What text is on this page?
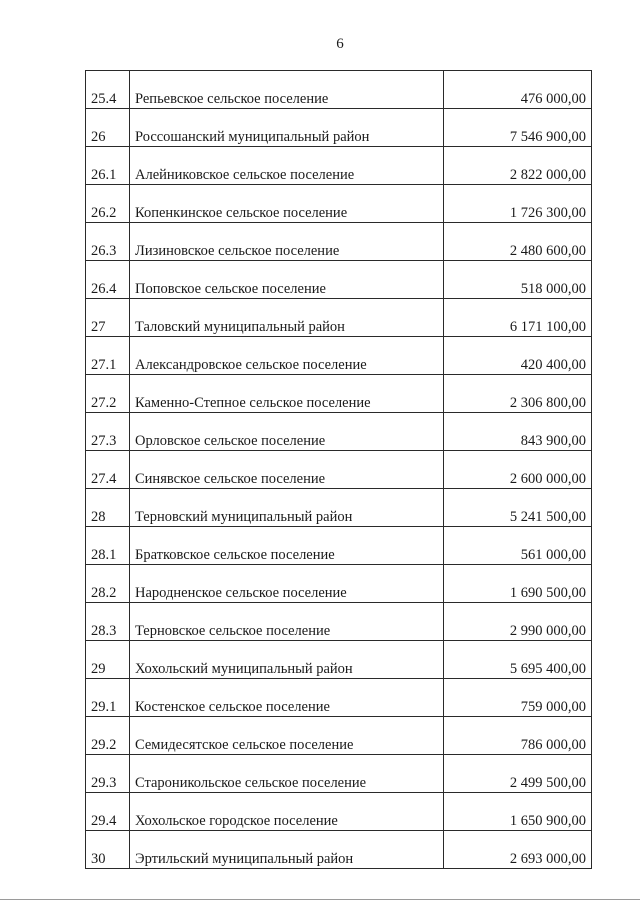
6
25.4	Репьевское сельское поселение	476 000,00
26	Россошанский муниципальный район	7 546 900,00
26.1	Алейниковское сельское поселение	2 822 000,00
26.2	Копенкинское сельское поселение	1 726 300,00
26.3	Лизиновское сельское поселение	2 480 600,00
26.4	Поповское сельское поселение	518 000,00
27	Таловский муниципальный район	6 171 100,00
27.1	Александровское сельское поселение	420 400,00
27.2	Каменно-Степное сельское поселение	2 306 800,00
27.3	Орловское сельское поселение	843 900,00
27.4	Синявское сельское поселение	2 600 000,00
28	Терновский муниципальный район	5 241 500,00
28.1	Братковское сельское поселение	561 000,00
28.2	Народненское сельское поселение	1 690 500,00
28.3	Терновское сельское поселение	2 990 000,00
29	Хохольский муниципальный район	5 695 400,00
29.1	Костенское сельское поселение	759 000,00
29.2	Семидесятское сельское поселение	786 000,00
29.3	Староникольское сельское поселение	2 499 500,00
29.4	Хохольское городское поселение	1 650 900,00
30	Эртильский муниципальный район	2 693 000,00
